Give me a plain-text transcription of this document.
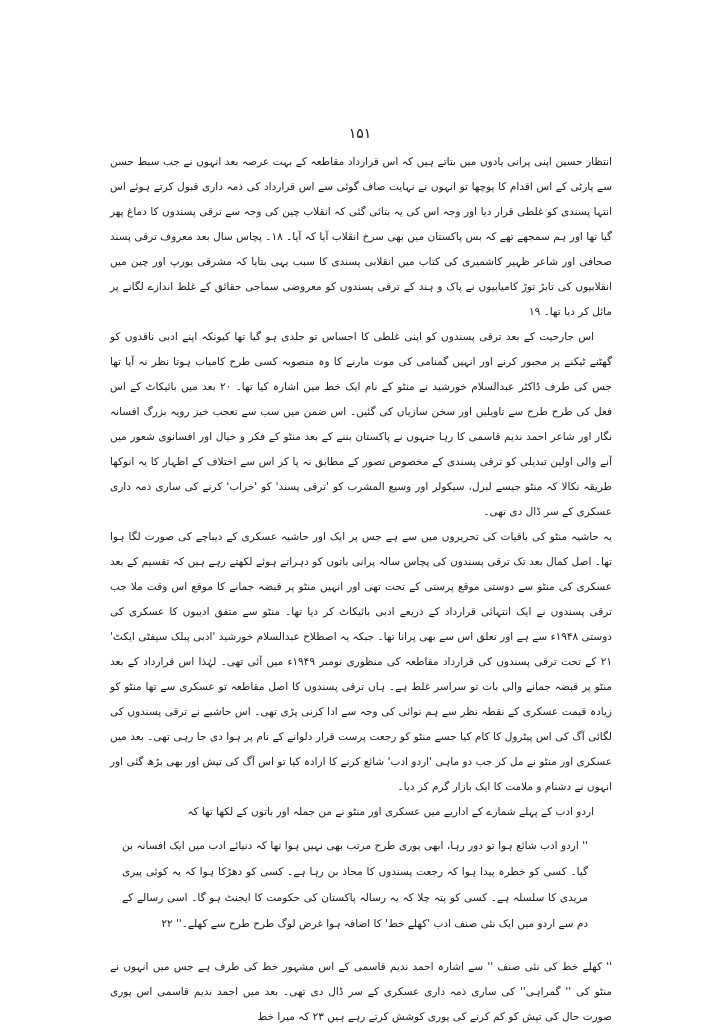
۱۵۱

انتظار حسین اپنی پرانی یادوں میں بتاتے ہیں کہ اس قرارداد مقاطعہ کے بہت عرصہ بعد انہوں نے جب سبط حسن سے پارٹی کے اس اقدام کا پوچھا تو انہوں نے نہایت صاف گوئی سے اس قرارداد کی ذمہ داری قبول کرتے ہوئے اس انتہا پسندی کو غلطی قرار دیا اور وجہ اس کی یہ بتائی گئی کہ انقلاب چین کی وجہ سے ترقی پسندوں کا دماغ پھر گیا تھا اور ہم سمجھے تھے کہ بس پاکستان میں بھی سرخ انقلاب آیا کہ آیا۔ ۱۸۔ پچاس سال بعد معروف ترقی پسند صحافی اور شاعر ظہیر کاشمیری کی کتاب میں انقلابی پسندی کا سبب یہی بتایا کہ مشرقی یورپ اور چین میں انقلابیوں کی تابڑ توڑ کامیابیوں نے پاک و ہند کے ترقی پسندوں کو معروضی سماجی حقائق کے غلط اندازے لگانے پر مائل کر دیا تھا۔ ۱۹

اس جارحیت کے بعد ترقی پسندوں کو اپنی غلطی کا احساس تو جلدی ہو گیا تھا کیونکہ اپنے ادبی ناقدوں کو گھٹنے ٹیکنے پر مجبور کرنے اور انہیں گمنامی کی موت مارنے کا وہ منصوبہ کسی طرح کامیاب ہوتا نظر نہ آیا تھا جس کی طرف ڈاکٹر عبدالسلام خورشید نے منٹو کے نام ایک خط میں اشارہ کیا تھا۔ ۲۰ بعد میں بائیکاٹ کے اس فعل کی طرح طرح سے تاویلیں اور سخن سازیاں کی گئیں۔ اس ضمن میں سب سے تعجب خیز رویہ بزرگ افسانہ نگار اور شاعر احمد ندیم قاسمی کا رہا جنہوں نے پاکستان بننے کے بعد منٹو کے فکر و خیال اور افسانوی شعور میں آنے والی اولین تبدیلی کو ترقی پسندی کے مخصوص تصور کے مطابق نہ پا کر اس سے اختلاف کے اظہار کا یہ انوکھا طریقہ نکالا کہ منٹو جیسے لبرل، سیکولر اور وسیع المشرب کو 'ترقی پسند' کو 'خراب' کرنے کی ساری ذمہ داری عسکری کے سر ڈال دی تھی۔

یہ حاشیہ منٹو کی باقیات کی تحریروں میں سے ہے جس پر ایک اور حاشیہ عسکری کے دیباچے کی صورت لگا ہوا تھا۔ اصل کمال بعد تک ترقی پسندوں کی پچاس سالہ پرانی باتوں کو دہراتے ہوئے لکھتے رہے ہیں کہ تقسیم کے بعد عسکری کی منٹو سے دوستی موقع پرستی کے تحت تھی اور انہیں منٹو پر قبضہ جمانے کا موقع اس وقت ملا جب ترقی پسندوں نے ایک انتہائی قرارداد کے ذریعے ادبی بائیکاٹ کر دیا تھا۔ منٹو سے متفق ادیبوں کا عسکری کی دوستی ۱۹۴۸ء سے ہے اور تعلق اس سے بھی پرانا تھا۔ جبکہ یہ اصطلاح عبدالسلام خورشید 'ادبی پبلک سیفٹی ایکٹ' ۲۱ کے تحت ترقی پسندوں کی قرارداد مقاطعہ کی منظوری نومبر ۱۹۴۹ء میں آئی تھی۔ لہٰذا اس قرارداد کے بعد منٹو پر قبضہ جمانے والی بات تو سراسر غلط ہے۔ ہاں ترقی پسندوں کا اصل مقاطعہ تو عسکری سے تھا منٹو کو زیادہ قیمت عسکری کے نقطہ نظر سے ہم نوائی کی وجہ سے ادا کرنی پڑی تھی۔ اس حاشیے نے ترقی پسندوں کی لگائی آگ کی اس پیٹرول کا کام کیا جسے منٹو کو رجعت پرست قرار دلوانے کے نام پر ہوا دی جا رہی تھی۔ بعد میں عسکری اور منٹو نے مل کر جب دو ماہی 'اردو ادب' شائع کرنے کا ارادہ کیا تو اس آگ کی تپش اور بھی بڑھ گئی اور انہوں نے دشنام و ملامت کا ایک بازار گرم کر دیا۔

اردو ادب کے پہلے شمارے کے اداریے میں عسکری اور منٹو نے من جملہ اور باتوں کے لکھا تھا کہ

'' اردو ادب شائع ہوا تو دور رہا، ابھی پوری طرح مرتب بھی نہیں ہوا تھا کہ دنیائے ادب میں ایک افسانہ بن گیا۔ کسی کو خطرہ پیدا ہوا کہ رجعت پسندوں کا محاذ بن رہا ہے۔ کسی کو دھڑکا ہوا کہ یہ کوئی پیری مریدی کا سلسلہ ہے۔ کسی کو پتہ چلا کہ یہ رسالہ پاکستان کی حکومت کا ایجنٹ ہو گا۔ اسی رسالے کے دم سے اردو میں ایک نئی صنف ادب 'کھلے خط' کا اضافہ ہوا غرض لوگ طرح طرح سے کھلے۔'' ۲۲

'' کھلے خط کی نئی صنف '' سے اشارہ احمد ندیم قاسمی کے اس مشہور خط کی طرف ہے جس میں انہوں نے منٹو کی '' گمراہی'' کی ساری ذمہ داری عسکری کے سر ڈال دی تھی۔ بعد میں احمد ندیم قاسمی اس پوری صورت حال کی تپش کو کم کرنے کی پوری کوشش کرتے رہے ہیں ۲۳ کہ میرا خط
